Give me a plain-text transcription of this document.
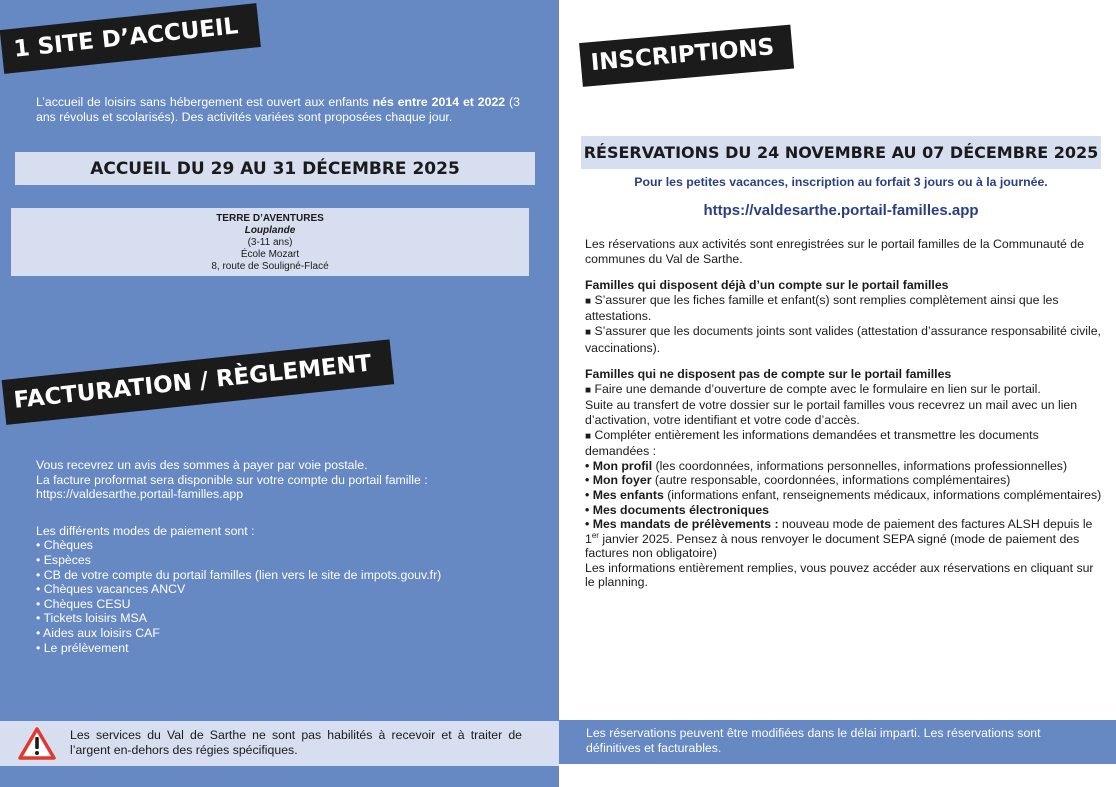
1 SITE D’ACCUEIL

L’accueil de loisirs sans hébergement est ouvert aux enfants nés entre 2014 et 2022 (3 ans révolus et scolarisés). Des activités variées sont proposées chaque jour.

ACCUEIL DU 29 AU 31 DÉCEMBRE 2025
TERRE D’AVENTURES
Louplande
(3-11 ans)
École Mozart
8, route de Souligné-Flacé
FACTURATION / RÈGLEMENT
Vous recevrez un avis des sommes à payer par voie postale.
La facture proformat sera disponible sur votre compte du portail famille :
https://valdesarthe.portail-familles.app
Les différents modes de paiement sont :
• Chèques
• Espèces
• CB de votre compte du portail familles (lien vers le site de impots.gouv.fr)
• Chèques vacances ANCV
• Chèques CESU
• Tickets loisirs MSA
• Aides aux loisirs CAF
• Le prélèvement

Les services du Val de Sarthe ne sont pas habilités à recevoir et à traiter de l’argent en-dehors des régies spécifiques.

INSCRIPTIONS
RÉSERVATIONS DU 24 NOVEMBRE AU 07 DÉCEMBRE 2025
Pour les petites vacances, inscription au forfait 3 jours ou à la journée.
https://valdesarthe.portail-familles.app
Les réservations aux activités sont enregistrées sur le portail familles de la Communauté de communes du Val de Sarthe.
Familles qui disposent déjà d’un compte sur le portail familles
■ S’assurer que les fiches famille et enfant(s) sont remplies complètement ainsi que les attestations.
■ S’assurer que les documents joints sont valides (attestation d’assurance responsabilité civile, vaccinations).
Familles qui ne disposent pas de compte sur le portail familles
■ Faire une demande d’ouverture de compte avec le formulaire en lien sur le portail.
Suite au transfert de votre dossier sur le portail familles vous recevrez un mail avec un lien d’activation, votre identifiant et votre code d’accès.
■ Compléter entièrement les informations demandées et transmettre les documents demandées :
• Mon profil (les coordonnées, informations personnelles, informations professionnelles)
• Mon foyer (autre responsable, coordonnées, informations complémentaires)
• Mes enfants (informations enfant, renseignements médicaux, informations complémentaires)
• Mes documents électroniques
• Mes mandats de prélèvements : nouveau mode de paiement des factures ALSH depuis le 1er janvier 2025. Pensez à nous renvoyer le document SEPA signé (mode de paiement des factures non obligatoire)
Les informations entièrement remplies, vous pouvez accéder aux réservations en cliquant sur le planning.

Les réservations peuvent être modifiées dans le délai imparti. Les réservations sont définitives et facturables.
